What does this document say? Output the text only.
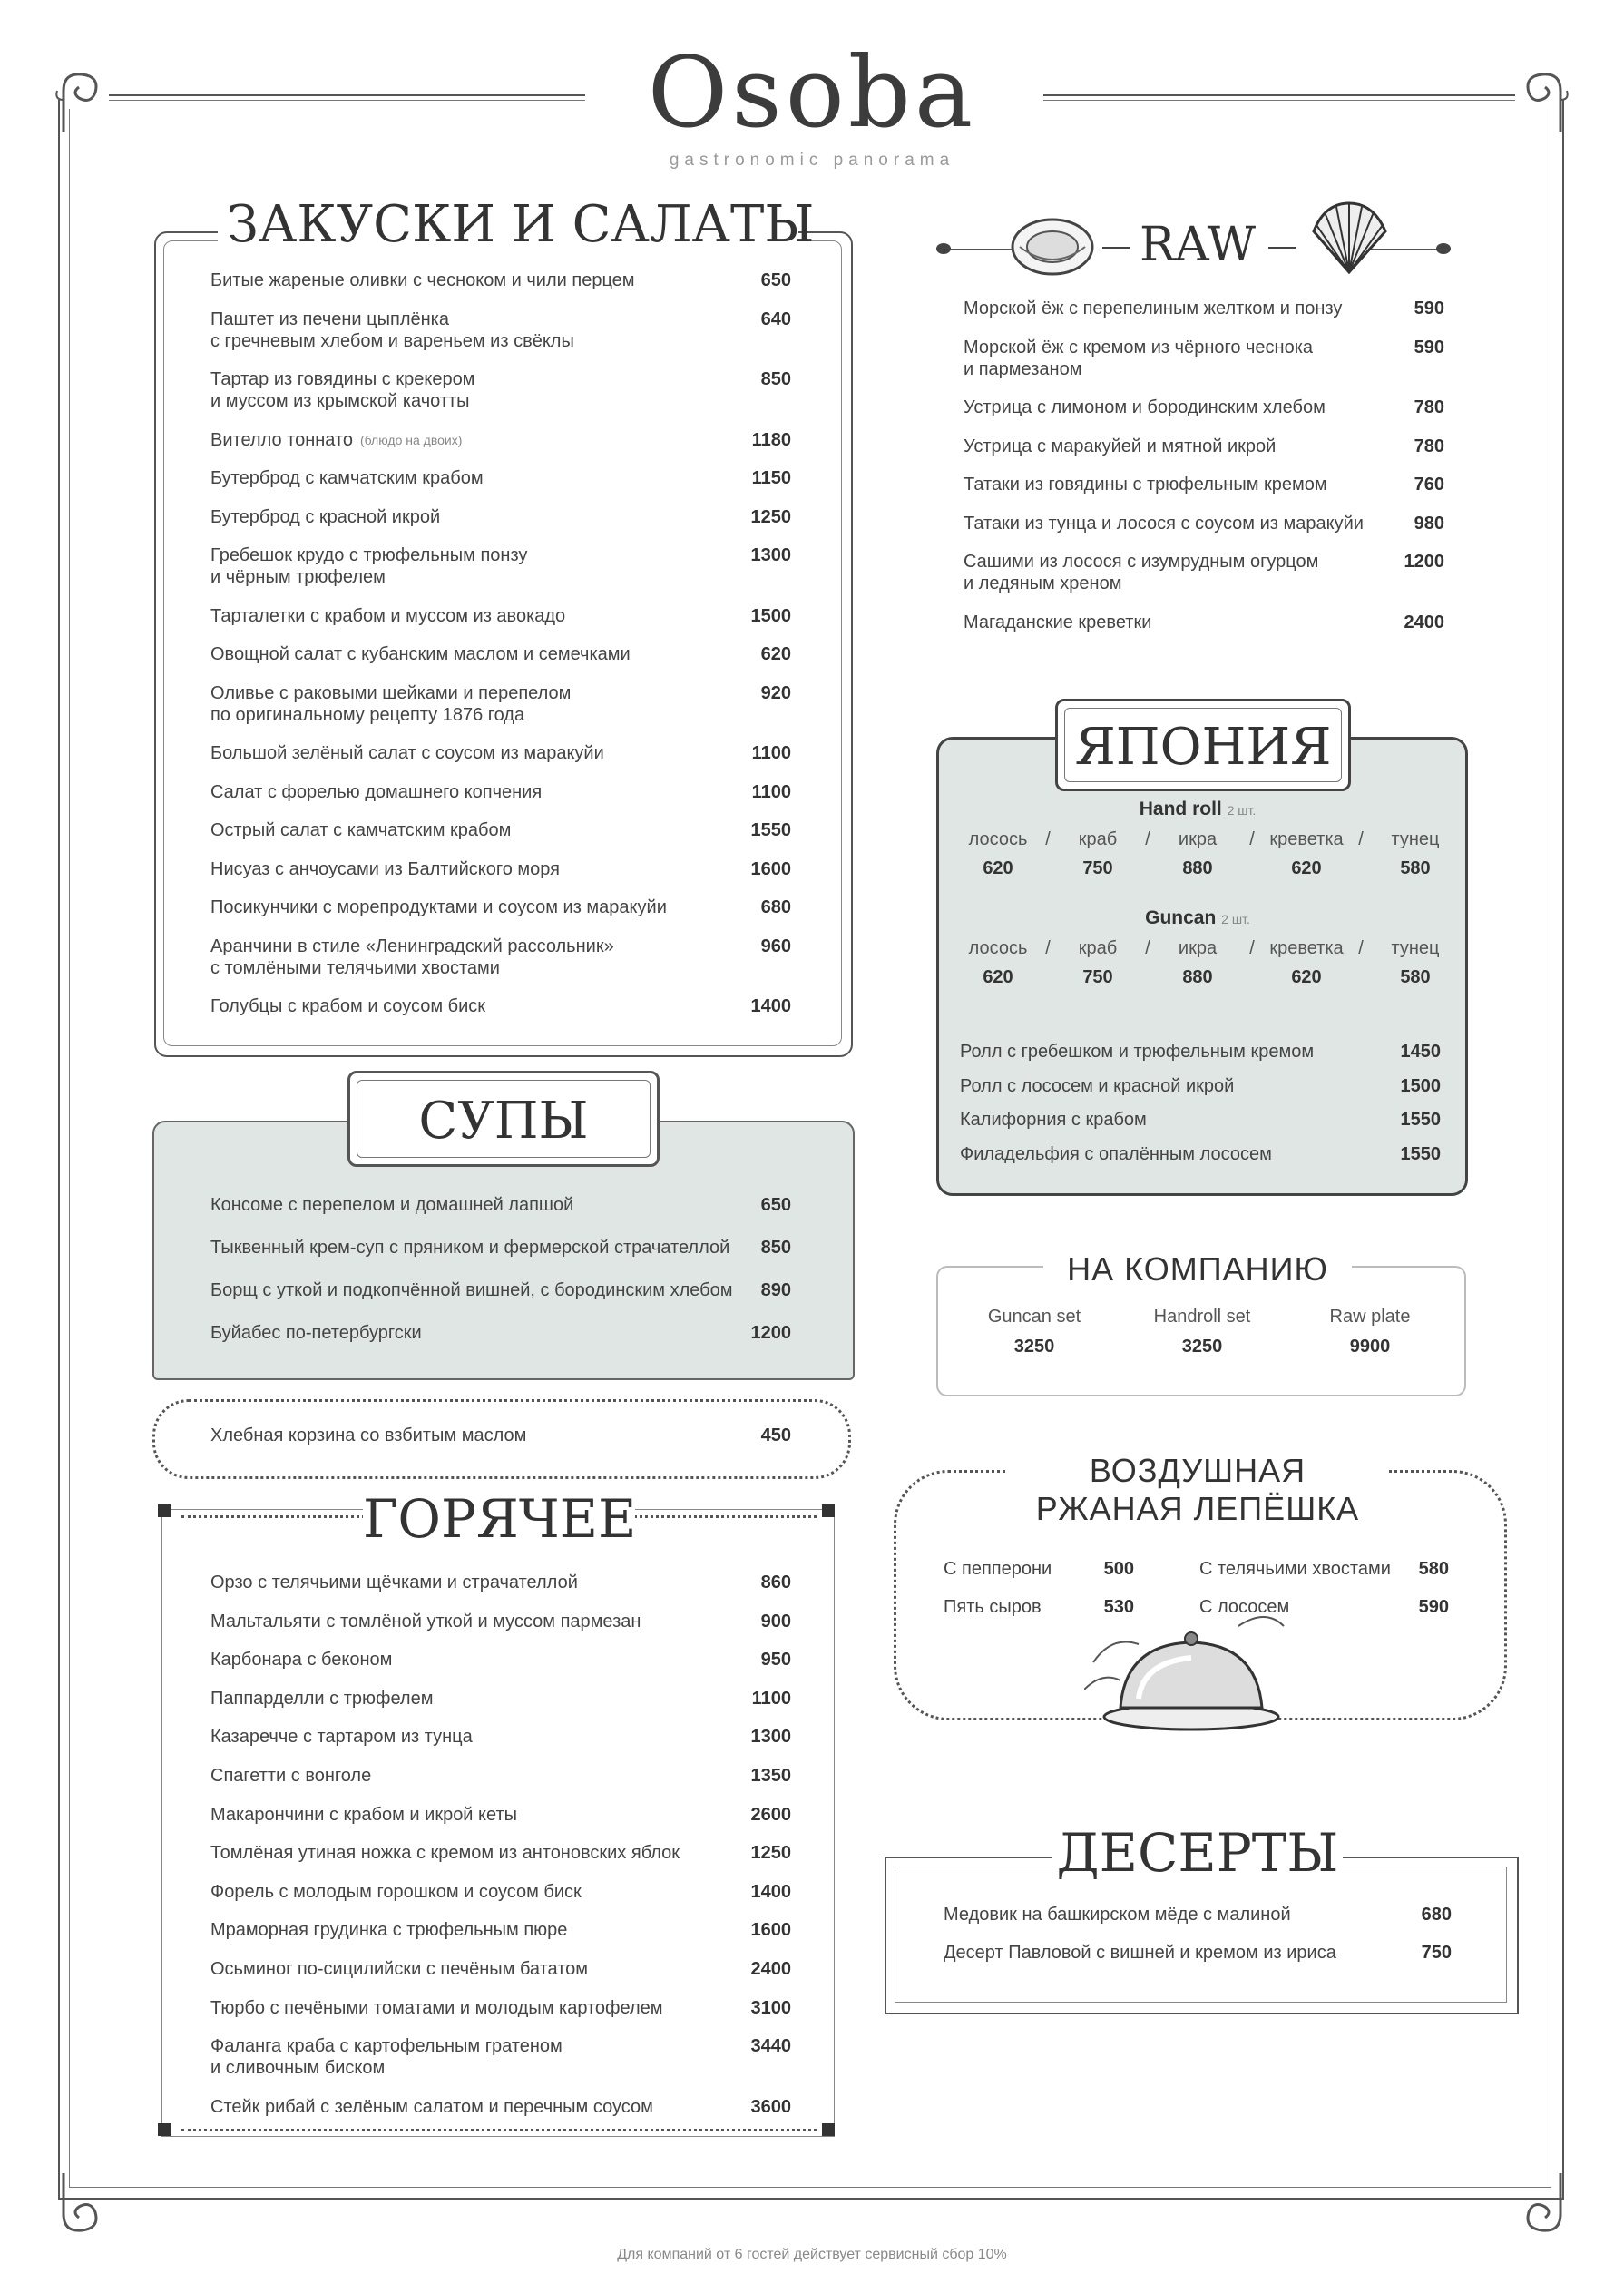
Osoba
gastronomic panorama
ЗАКУСКИ И САЛАТЫ
Битые жареные оливки с чесноком и чили перцем	650
Паштет из печени цыплёнка
с гречневым хлебом и вареньем из свёклы
640
Тартар из говядины с крекером
и муссом из крымской качотты
850
Вителло тоннато (блюдо на двоих)	1180
Бутерброд с камчатским крабом	1150
Бутерброд с красной икрой	1250
Гребешок крудо с трюфельным понзу
и чёрным трюфелем
1300
Тарталетки с крабом и муссом из авокадо	1500
Овощной салат с кубанским маслом и семечками	620
Оливье с раковыми шейками и перепелом
по оригинальному рецепту 1876 года
920
Большой зелёный салат с соусом из маракуйи	1100
Салат с форелью домашнего копчения	1100
Острый салат с камчатским крабом	1550
Нисуаз с анчоусами из Балтийского моря	1600
Посикунчики с морепродуктами и соусом из маракуйи	680
Аранчини в стиле «Ленинградский рассольник»
с томлёными телячьими хвостами
960
Голубцы с крабом и соусом биск	1400
СУПЫ
Консоме с перепелом и домашней лапшой	650
Тыквенный крем-суп с пряником и фермерской страчателлой 850
Борщ с уткой и подкопчённой вишней, с бородинским хлебом 890
Буйабес по-петербургски	1200
Хлебная корзина со взбитым маслом	450
ГОРЯЧЕЕ
Орзо с телячьими щёчками и страчателлой	860
Мальтальяти с томлёной уткой и муссом пармезан	900
Карбонара с беконом	950
Паппарделли с трюфелем	1100
Казаречче с тартаром из тунца	1300
Спагетти с вонголе	1350
Макарончини с крабом и икрой кеты	2600
Томлёная утиная ножка с кремом из антоновских яблок	1250
Форель с молодым горошком и соусом биск	1400
Мраморная грудинка с трюфельным пюре	1600
Осьминог по-сицилийски с печёным бататом	2400
Тюрбо с печёными томатами и молодым картофелем	3100
Фаланга краба с картофельным гратеном
и сливочным биском
3440
Стейк рибай с зелёным салатом и перечным соусом	3600
RAW
Морской ёж с перепелиным желтком и понзу	590
Морской ёж с кремом из чёрного чеснока
и пармезаном
590
Устрица с лимоном и бородинским хлебом	780
Устрица с маракуйей и мятной икрой	780
Татаки из говядины с трюфельным кремом	760
Татаки из тунца и лосося с соусом из маракуйи	980
Сашими из лосося с изумрудным огурцом
и ледяным хреном
1200
Магаданские креветки	2400
ЯПОНИЯ
Hand roll 2 шт.
лосось /	краб	/	икра	/ креветка /	тунец
620	750	880	620	580
Guncan 2 шт.
лосось /	краб	/	икра	/ креветка /	тунец
620	750	880	620	580
Ролл с гребешком и трюфельным кремом	1450
Ролл с лососем и красной икрой	1500
Калифорния с крабом	1550
Филадельфия с опалённым лососем	1550
НА КОМПАНИЮ
Guncan set
3250
Handroll set
3250
Raw plate
9900
ВОЗДУШНАЯ
РЖАНАЯ ЛЕПЁШКА
С пепперони	500
Пять сыров	530
С телячьими хвостами 580
С лососем	590
ДЕСЕРТЫ
Медовик на башкирском мёде с малиной	680
Десерт Павловой с вишней и кремом из ириса	750
Для компаний от 6 гостей действует сервисный сбор 10%
